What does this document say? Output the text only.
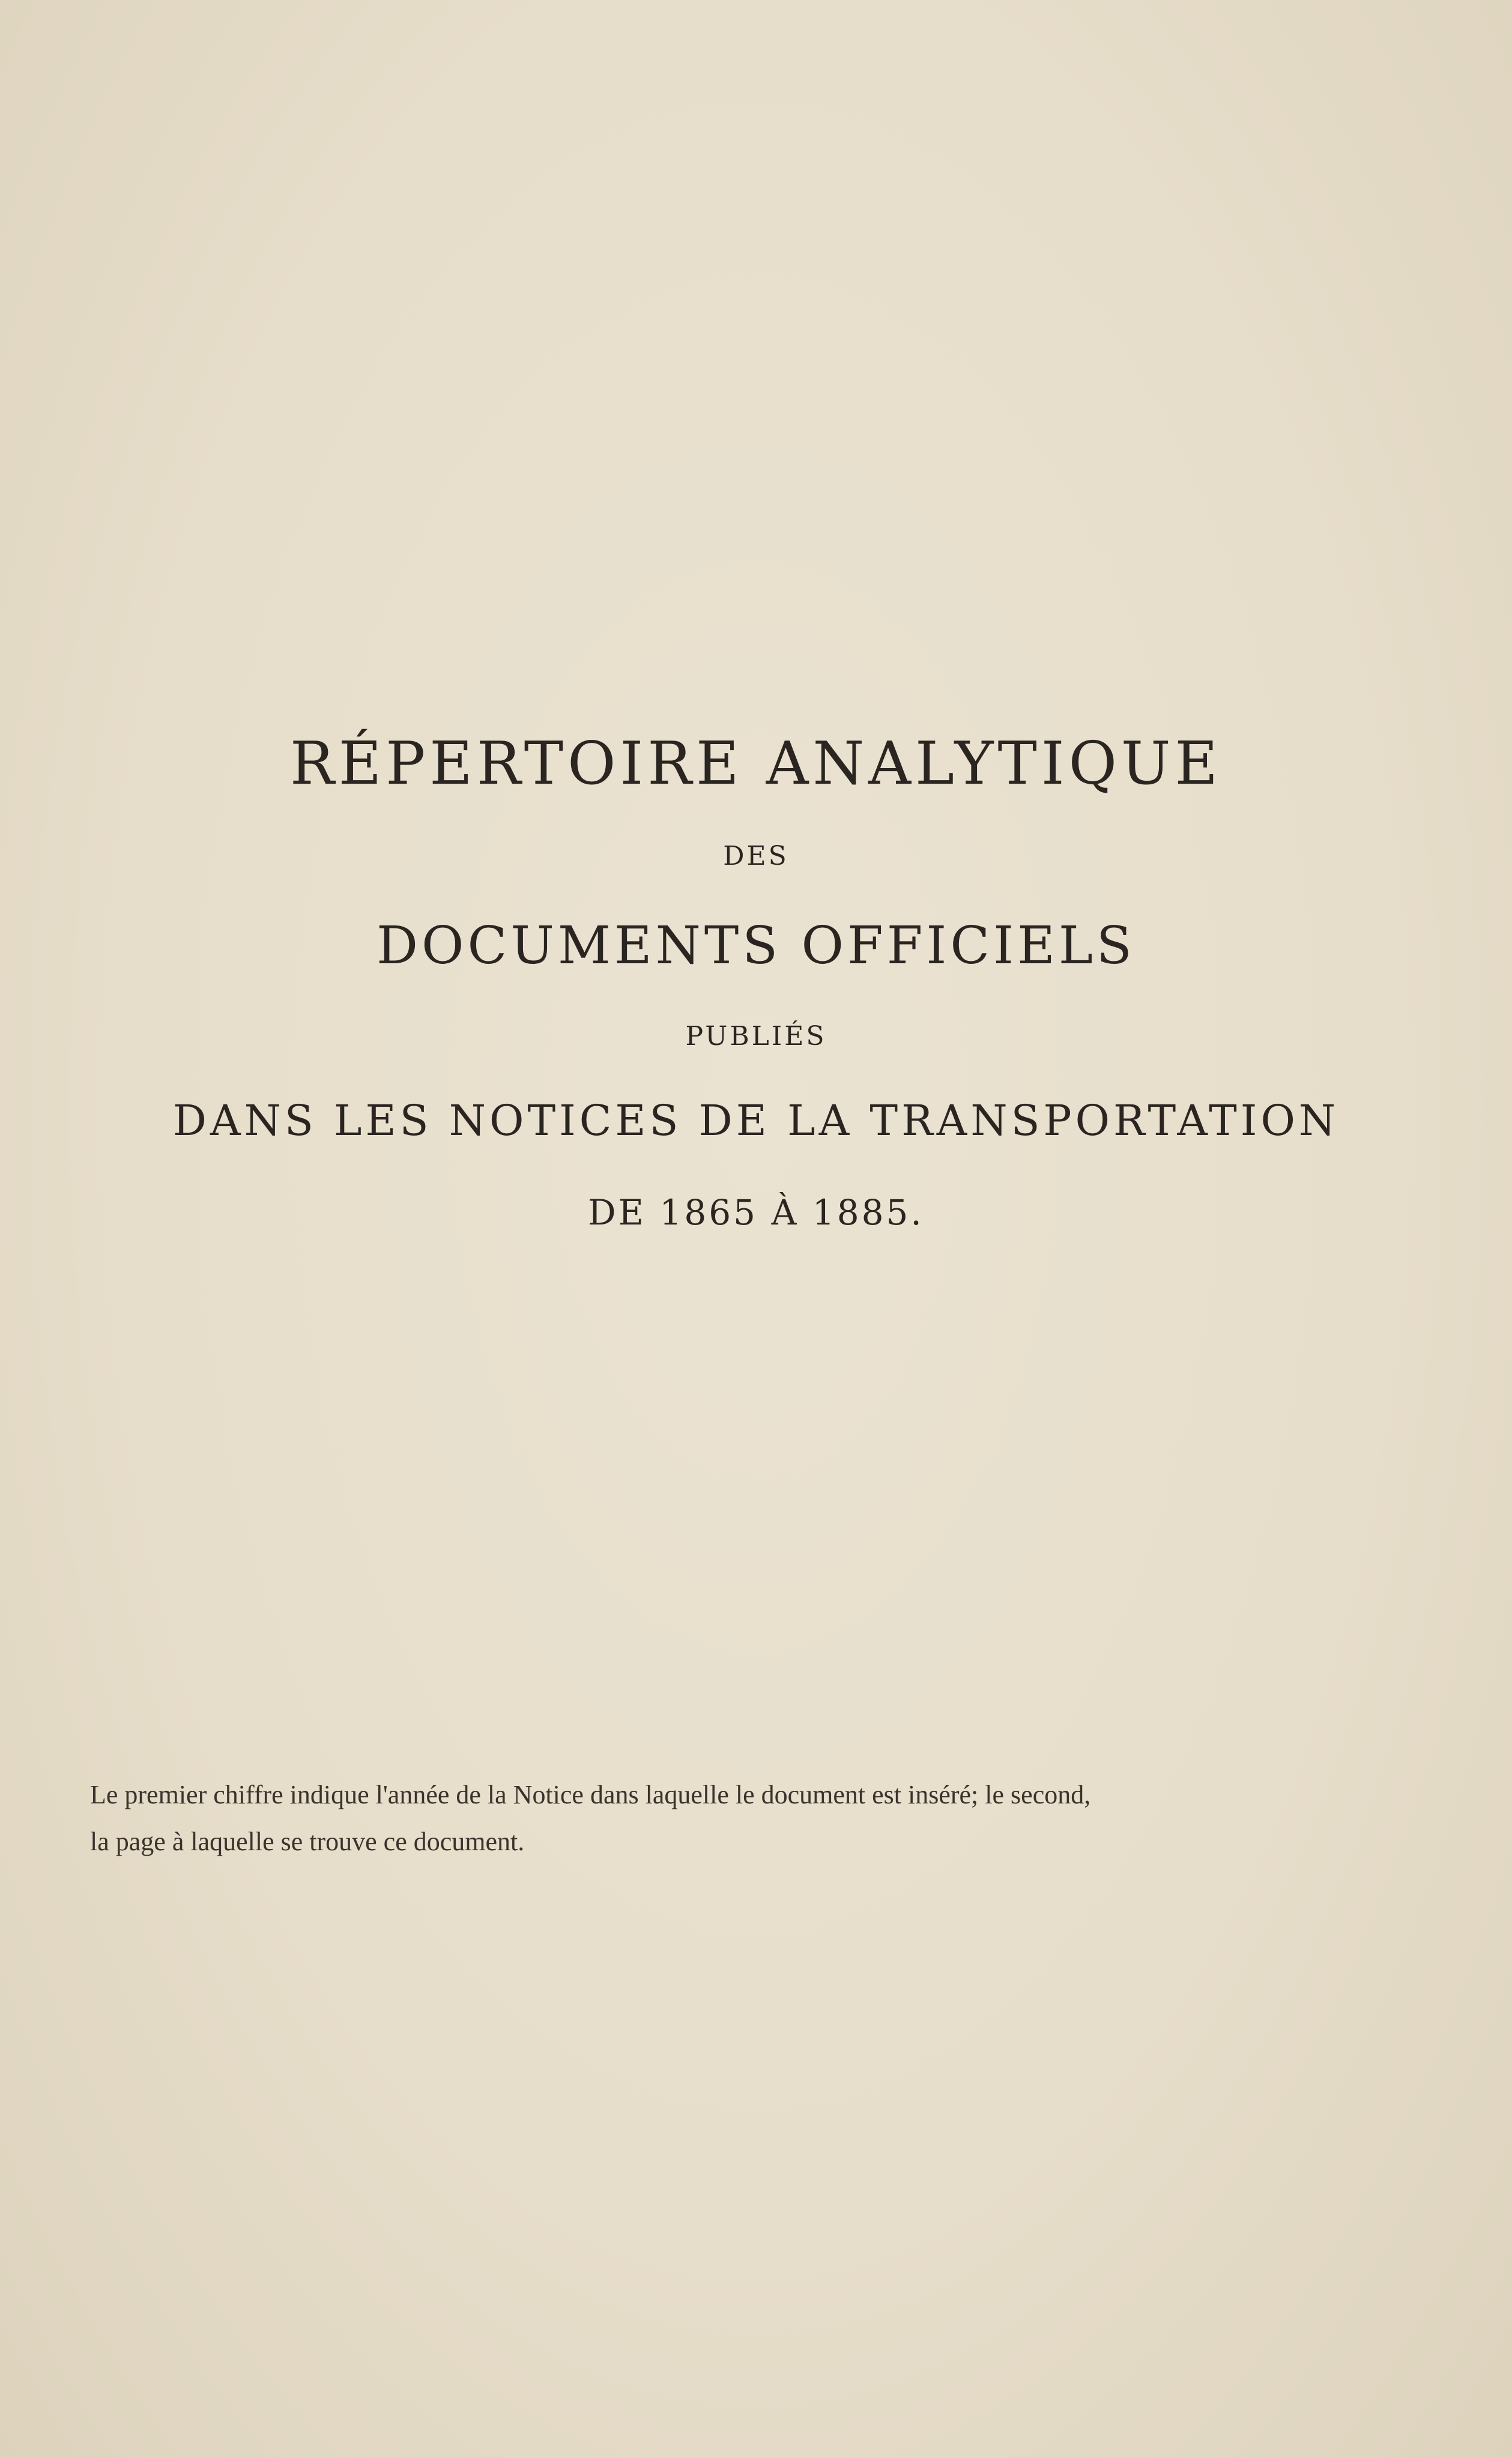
RÉPERTOIRE ANALYTIQUE
DES
DOCUMENTS OFFICIELS
PUBLIÉS
DANS LES NOTICES DE LA TRANSPORTATION
DE 1865 À 1885.
Le premier chiffre indique l'année de la Notice dans laquelle le document est inséré; le second,
la page à laquelle se trouve ce document.
